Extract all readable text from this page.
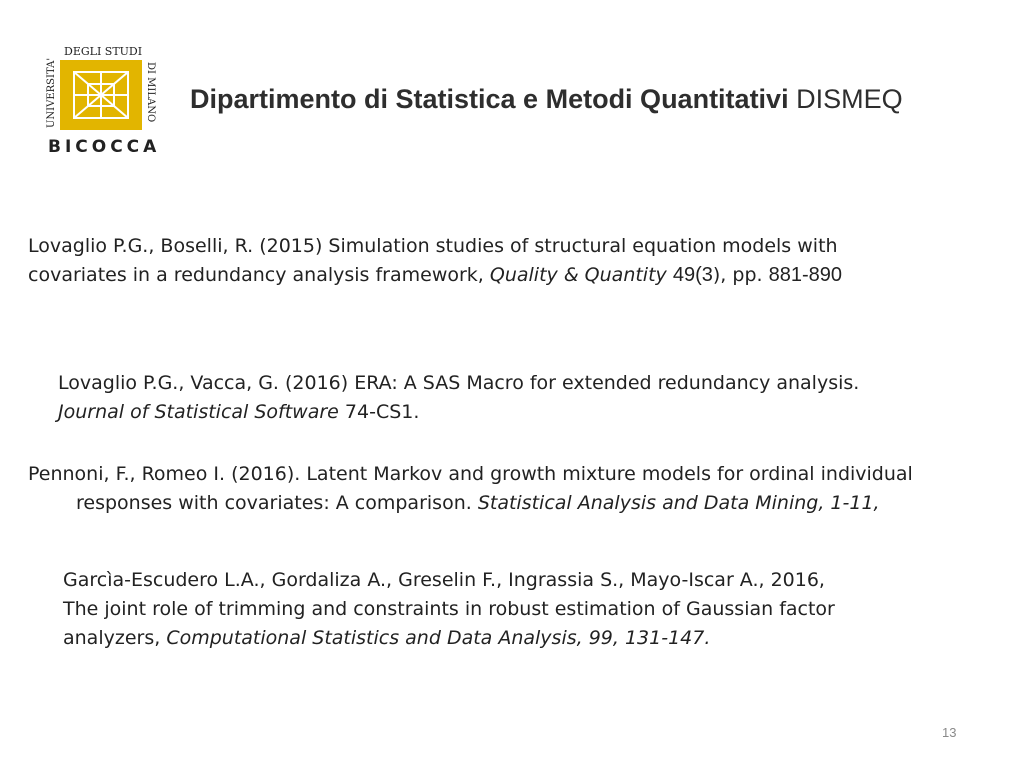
UNIVERSITA'
DEGLI STUDI
DI MILANO
BICOCCA
Dipartimento di Statistica e Metodi Quantitativi DISMEQ
Lovaglio P.G., Boselli, R. (2015) Simulation studies of structural equation models with
covariates in a redundancy analysis framework, Quality & Quantity 49(3), pp. 881-890
Lovaglio P.G., Vacca, G. (2016) ERA: A SAS Macro for extended redundancy analysis.
Journal of Statistical Software 74-CS1.
Pennoni, F., Romeo I. (2016). Latent Markov and growth mixture models for ordinal individual
responses with covariates: A comparison. Statistical Analysis and Data Mining, 1-11,
Garcìa-Escudero L.A., Gordaliza A., Greselin F., Ingrassia S., Mayo-Iscar A., 2016,
The joint role of trimming and constraints in robust estimation of Gaussian factor
analyzers, Computational Statistics and Data Analysis, 99, 131-147.
13
